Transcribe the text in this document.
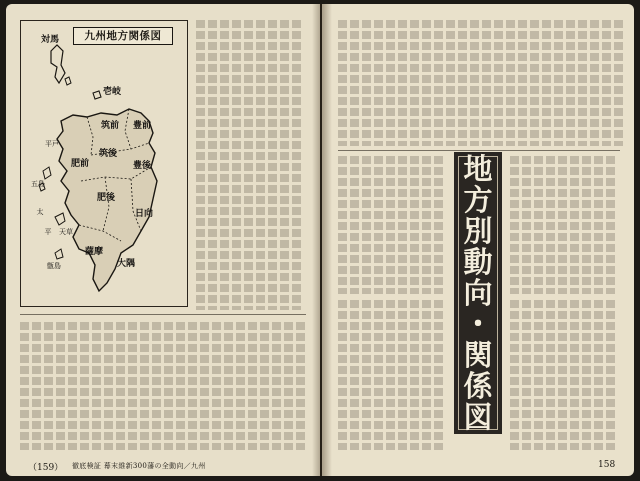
九州地方関係図
対馬
壱岐
筑前
筑後
豊前
豊後
肥前
肥後
日向
薩摩
大隅
五島
平戸
天草
甑島
太
平
（159） 徹底検証 幕末維新300藩の全動向／九州
地
方
別
動
向
・
関
係
図
158
